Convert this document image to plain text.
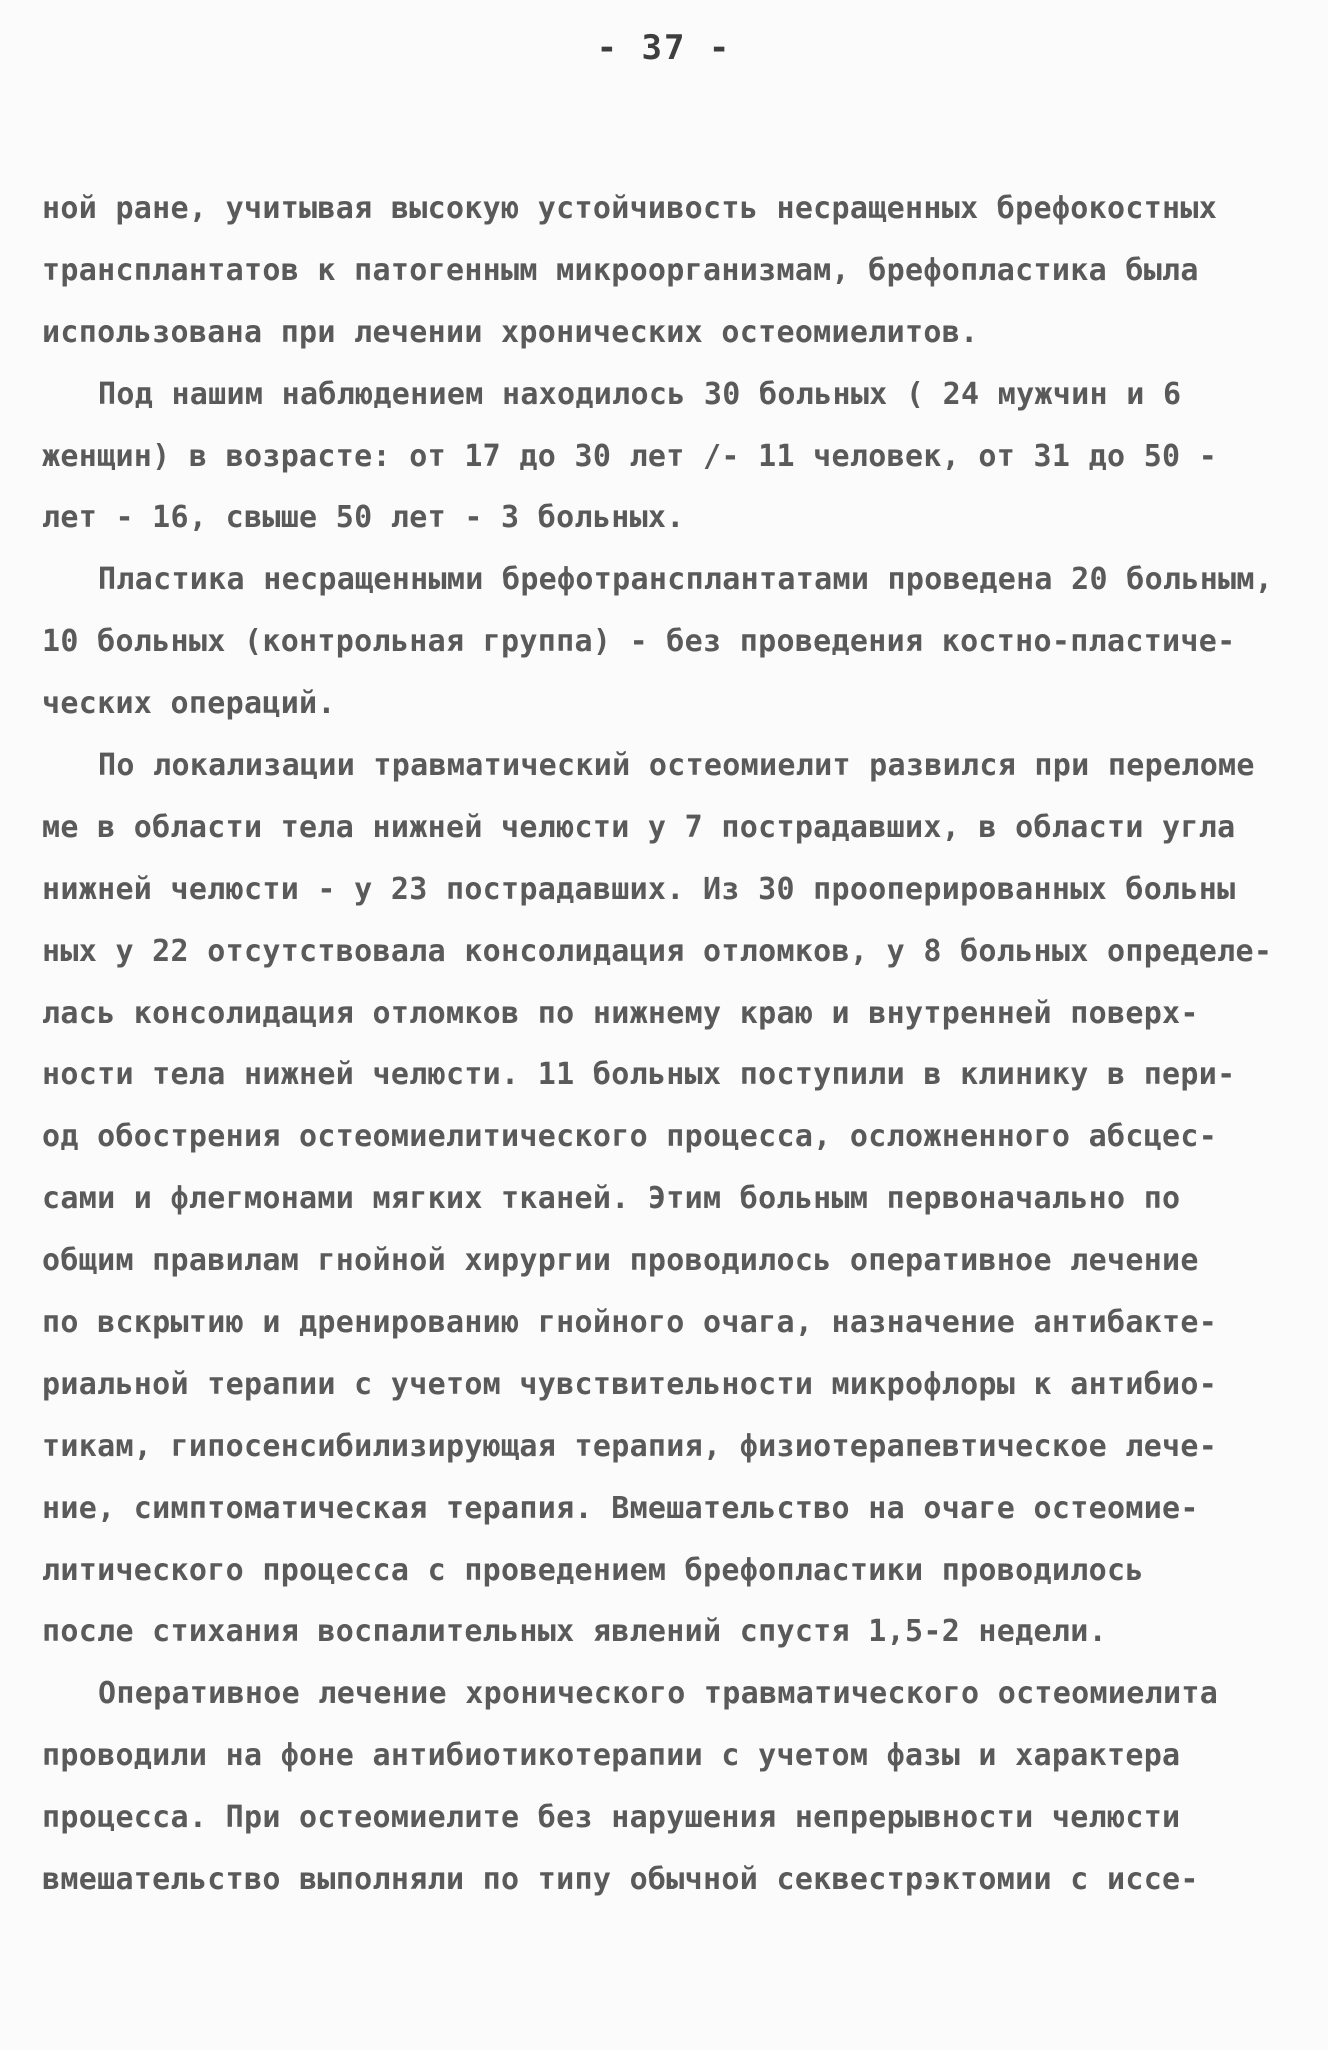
- 37 -
ной ране, учитывая высокую устойчивость несращенных брефокостных
трансплантатов к патогенным микроорганизмам, брефопластика была
использована при лечении хронических остеомиелитов.
Под нашим наблюдением находилось 30 больных ( 24 мужчин и 6
женщин) в возрасте: от 17 до 30 лет /- 11 человек, от 31 до 50 -
лет - 16, свыше 50 лет - 3 больных.
Пластика несращенными брефотрансплантатами проведена 20 больным,
10 больных (контрольная группа) - без проведения костно-пластиче-
ческих операций.
По локализации травматический остеомиелит развился при переломе
ме в области тела нижней челюсти у 7 пострадавших, в области угла
нижней челюсти - у 23 пострадавших. Из 30 прооперированных больны
ных у 22 отсутствовала консолидация отломков, у 8 больных определе-
лась консолидация отломков по нижнему краю и внутренней поверх-
ности тела нижней челюсти. 11 больных поступили в клинику в пери-
од обострения остеомиелитического процесса, осложненного абсцес-
сами и флегмонами мягких тканей. Этим больным первоначально по
общим правилам гнойной хирургии проводилось оперативное лечение
по вскрытию и дренированию гнойного очага, назначение антибакте-
риальной терапии с учетом чувствительности микрофлоры к антибио-
тикам, гипосенсибилизирующая терапия, физиотерапевтическое лече-
ние, симптоматическая терапия. Вмешательство на очаге остеомие-
литического процесса с проведением брефопластики проводилось
после стихания воспалительных явлений спустя 1,5-2 недели.
Оперативное лечение хронического травматического остеомиелита
проводили на фоне антибиотикотерапии с учетом фазы и характера
процесса. При остеомиелите без нарушения непрерывности челюсти
вмешательство выполняли по типу обычной секвестрэктомии с иссе-
